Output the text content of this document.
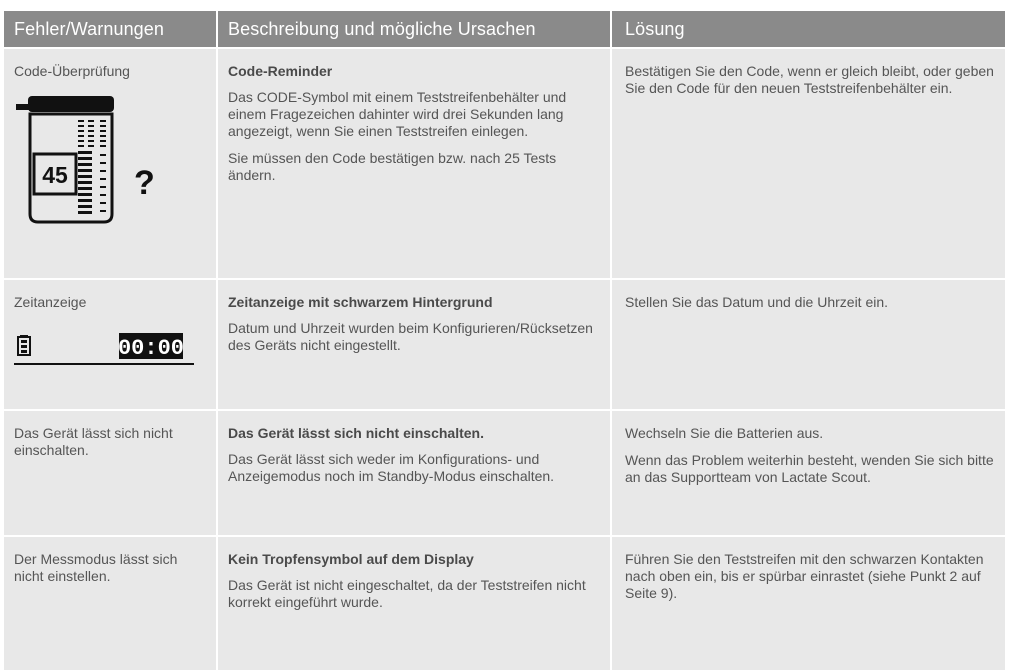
Fehler/Warnungen	Beschreibung und mögliche Ursachen	Lösung
Code-Überprüfung
45 ?
Code-Reminder

Das CODE-Symbol mit einem Teststreifenbehälter und einem Fragezeichen dahinter wird drei Sekunden lang angezeigt, wenn Sie einen Teststreifen einlegen.

Sie müssen den Code bestätigen bzw. nach 25 Tests ändern.

Bestätigen Sie den Code, wenn er gleich bleibt, oder geben Sie den Code für den neuen Teststreifenbehälter ein.

Zeitanzeige
00:00
Zeitanzeige mit schwarzem Hintergrund

Datum und Uhrzeit wurden beim Konfigurieren/Rücksetzen des Geräts nicht eingestellt.

Stellen Sie das Datum und die Uhrzeit ein.

Das Gerät lässt sich nicht einschalten.
Das Gerät lässt sich nicht einschalten.

Das Gerät lässt sich weder im Konfigurations- und Anzeigemodus noch im Standby-Modus einschalten.

Wechseln Sie die Batterien aus.

Wenn das Problem weiterhin besteht, wenden Sie sich bitte an das Supportteam von Lactate Scout.

Der Messmodus lässt sich nicht einstellen.
Kein Tropfensymbol auf dem Display

Das Gerät ist nicht eingeschaltet, da der Teststreifen nicht korrekt eingeführt wurde.

Führen Sie den Teststreifen mit den schwarzen Kontakten nach oben ein, bis er spürbar einrastet (siehe Punkt 2 auf Seite 9).
